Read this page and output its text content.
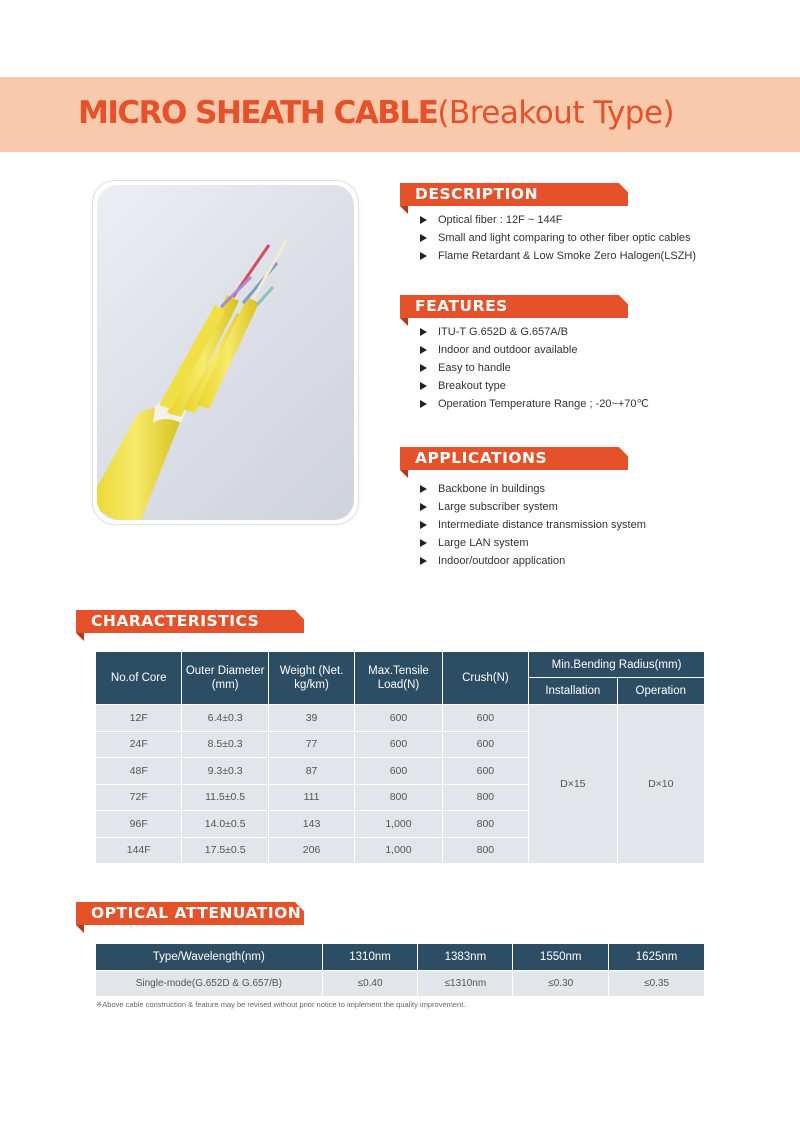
MICRO SHEATH CABLE(Breakout Type)
DESCRIPTION
Optical fiber : 12F ~ 144F
Small and light comparing to other fiber optic cables
Flame Retardant & Low Smoke Zero Halogen(LSZH)
FEATURES
ITU-T G.652D & G.657A/B
Indoor and outdoor available
Easy to handle
Breakout type
Operation Temperature Range ; -20~+70℃
APPLICATIONS
Backbone in buildings
Large subscriber system
Intermediate distance transmission system
Large LAN system
Indoor/outdoor application
CHARACTERISTICS
No.of Core	Outer Diameter (mm)	Weight (Net. kg/km)	Max.Tensile Load(N)	Crush(N)	Min.Bending Radius(mm)	
					Installation	Operation
12F	6.4±0.3	39	600	600	D×15	D×10
24F	8.5±0.3	77	600	600		
48F	9.3±0.3	87	600	600		
72F	11.5±0.5	111	800	800		
96F	14.0±0.5	143	1,000	800		
144F	17.5±0.5	206	1,000	800		
OPTICAL ATTENUATION
Type/Wavelength(nm)	1310nm	1383nm	1550nm	1625nm
Single-mode(G.652D & G.657/B)	≤0.40	≤1310nm	≤0.30	≤0.35
※Above cable construction & feature may be revised without prior notice to implement the quality improvement.
